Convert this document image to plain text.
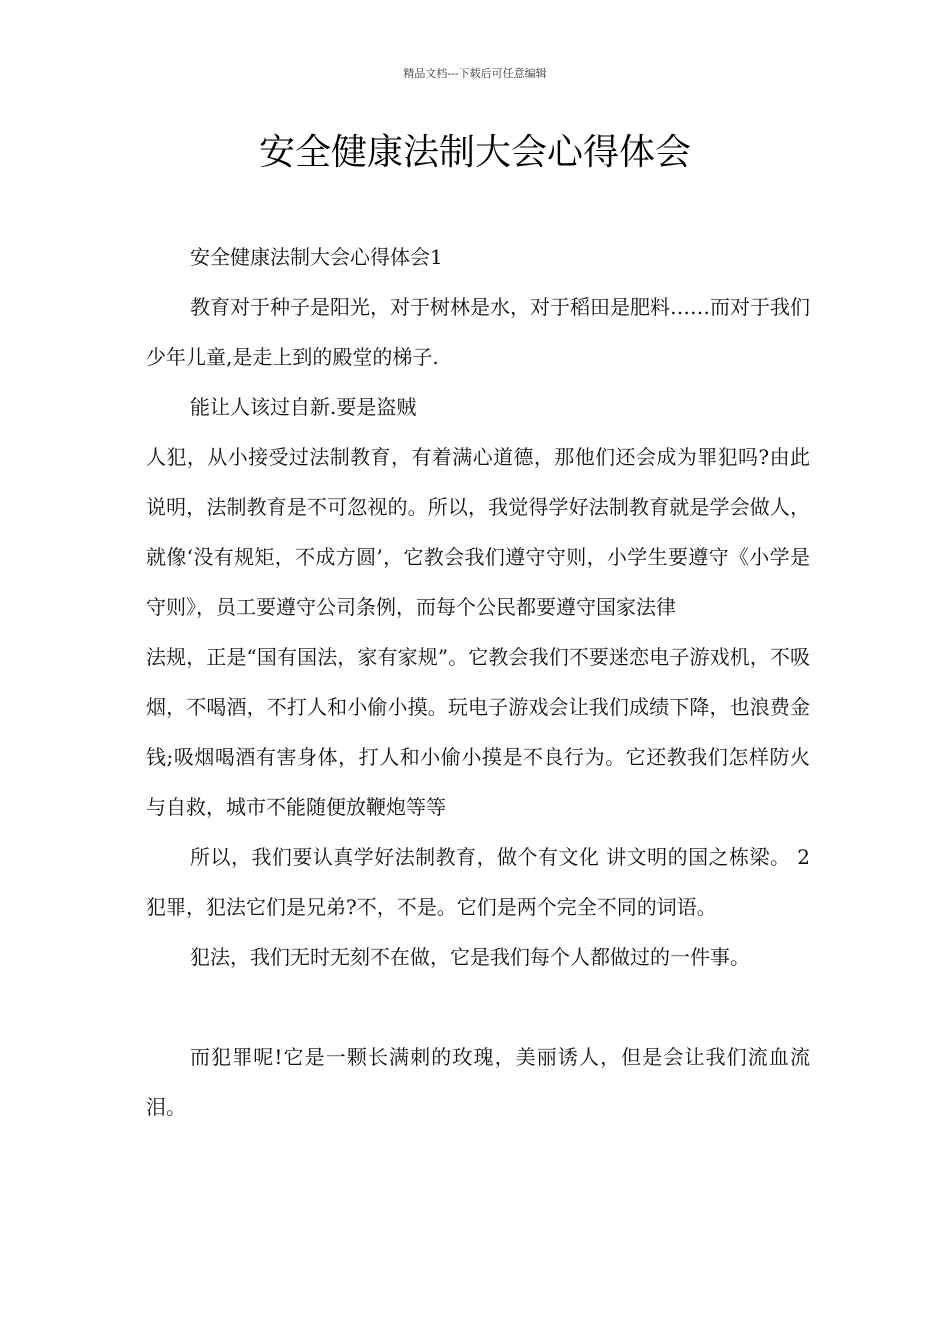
精品文档---下载后可任意编辑
安全健康法制大会心得体会

安全健康法制大会心得体会1

教育对于种子是阳光，对于树林是水，对于稻田是肥料……而对于我们少年儿童,是走上到的殿堂的梯子.

能让人该过自新.要是盗贼

人犯，从小接受过法制教育，有着满心道德，那他们还会成为罪犯吗?由此说明，法制教育是不可忽视的。所以，我觉得学好法制教育就是学会做人，就像‘没有规矩，不成方圆’，它教会我们遵守守则，小学生要遵守《小学是守则》，员工要遵守公司条例，而每个公民都要遵守国家法律

法规，正是“国有国法，家有家规”。它教会我们不要迷恋电子游戏机，不吸烟，不喝酒，不打人和小偷小摸。玩电子游戏会让我们成绩下降，也浪费金钱;吸烟喝酒有害身体，打人和小偷小摸是不良行为。它还教我们怎样防火与自救，城市不能随便放鞭炮等等

所以，我们要认真学好法制教育，做个有文化 讲文明的国之栋梁。 2 犯罪，犯法它们是兄弟?不，不是。它们是两个完全不同的词语。

犯法，我们无时无刻不在做，它是我们每个人都做过的一件事。

而犯罪呢!它是一颗长满刺的玫瑰，美丽诱人，但是会让我们流血流泪。
